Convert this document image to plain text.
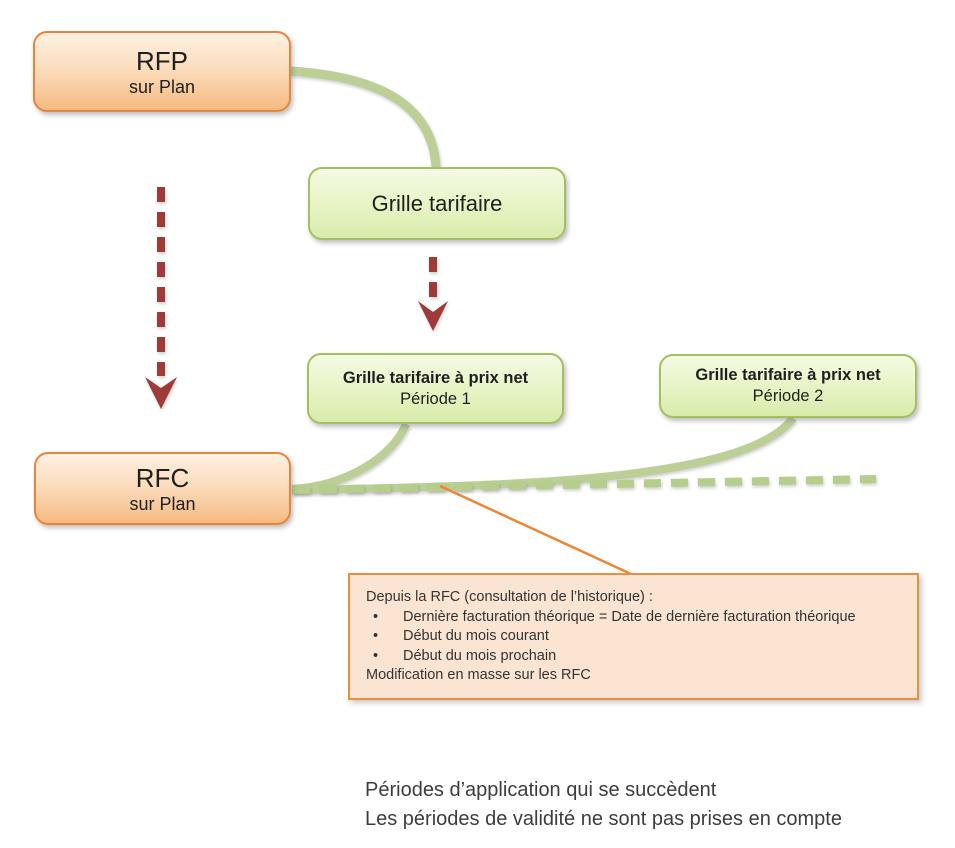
RFP
sur Plan
Grille tarifaire
Grille tarifaire à prix net
Période 1
Grille tarifaire à prix net
Période 2
RFC
sur Plan
Depuis la RFC (consultation de l’historique) :
•	Dernière facturation théorique = Date de dernière facturation théorique
•	Début du mois courant
•	Début du mois prochain
Modification en masse sur les RFC
Périodes d’application qui se succèdent
Les périodes de validité ne sont pas prises en compte
